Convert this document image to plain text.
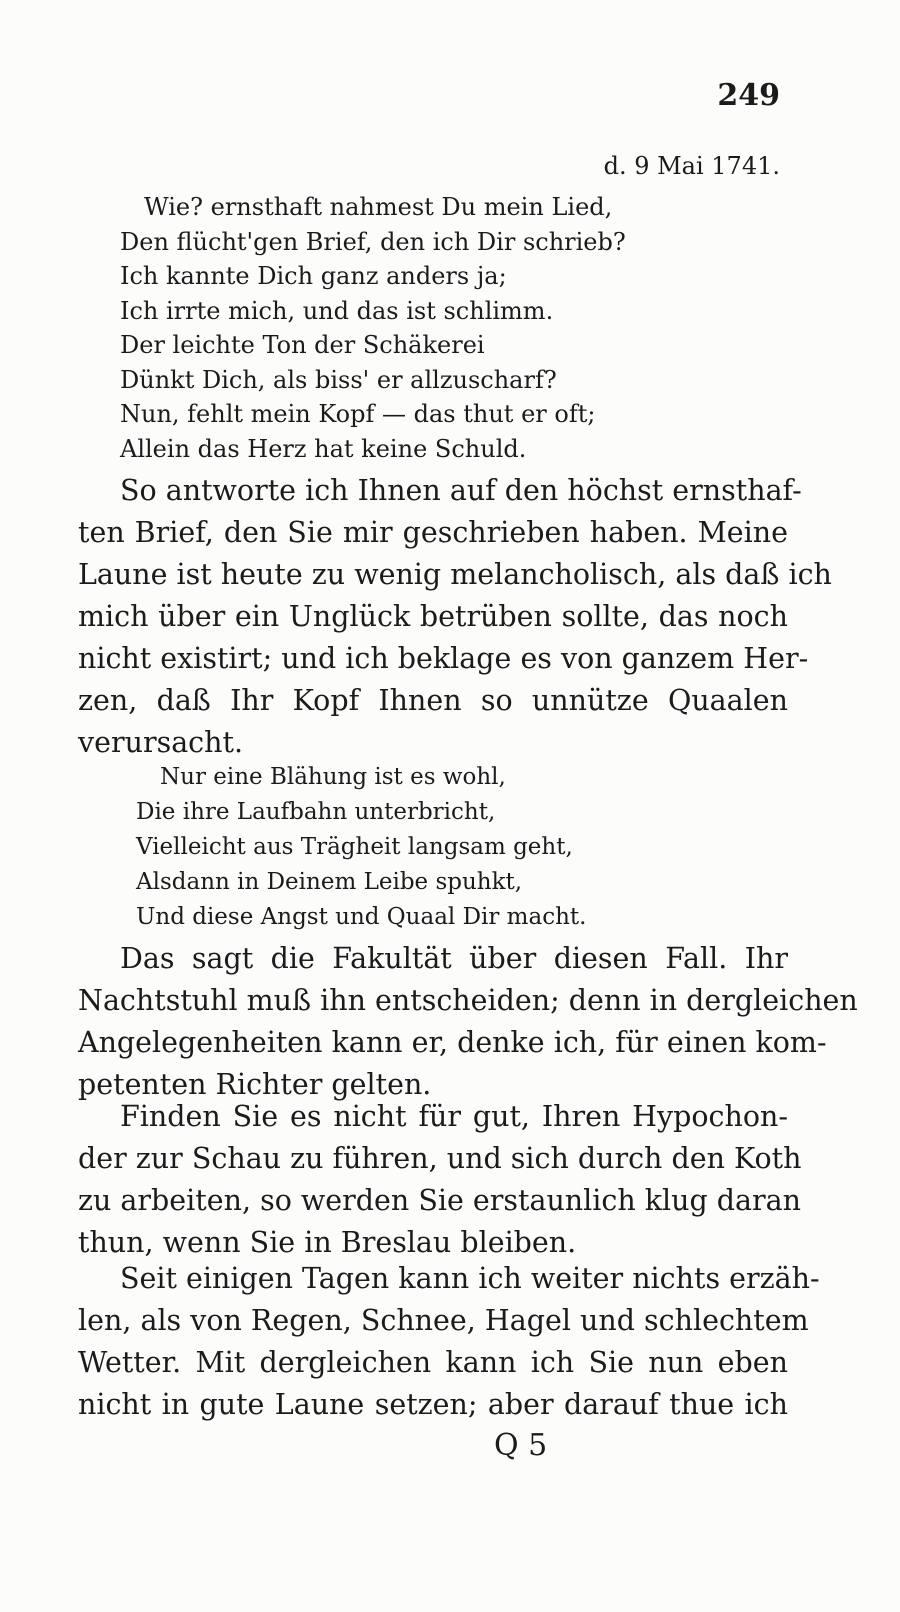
249
d. 9 Mai 1741.
Wie? ernsthaft nahmest Du mein Lied,
Den flücht'gen Brief, den ich Dir schrieb?
Ich kannte Dich ganz anders ja;
Ich irrte mich, und das ist schlimm.
Der leichte Ton der Schäkerei
Dünkt Dich, als biss' er allzuscharf?
Nun, fehlt mein Kopf — das thut er oft;
Allein das Herz hat keine Schuld.

So antworte ich Ihnen auf den höchst ernsthaf-
ten Brief, den Sie mir geschrieben haben. Meine
Laune ist heute zu wenig melancholisch, als daß ich
mich über ein Unglück betrüben sollte, das noch
nicht existirt; und ich beklage es von ganzem Her-
zen, daß Ihr Kopf Ihnen so unnütze Quaalen
verursacht.

Nur eine Blähung ist es wohl,
Die ihre Laufbahn unterbricht,
Vielleicht aus Trägheit langsam geht,
Alsdann in Deinem Leibe spuhkt,
Und diese Angst und Quaal Dir macht.

Das sagt die Fakultät über diesen Fall. Ihr
Nachtstuhl muß ihn entscheiden; denn in dergleichen
Angelegenheiten kann er, denke ich, für einen kom-
petenten Richter gelten.

Finden Sie es nicht für gut, Ihren Hypochon-
der zur Schau zu führen, und sich durch den Koth
zu arbeiten, so werden Sie erstaunlich klug daran
thun, wenn Sie in Breslau bleiben.

Seit einigen Tagen kann ich weiter nichts erzäh-
len, als von Regen, Schnee, Hagel und schlechtem
Wetter. Mit dergleichen kann ich Sie nun eben
nicht in gute Laune setzen; aber darauf thue ich

Q 5
